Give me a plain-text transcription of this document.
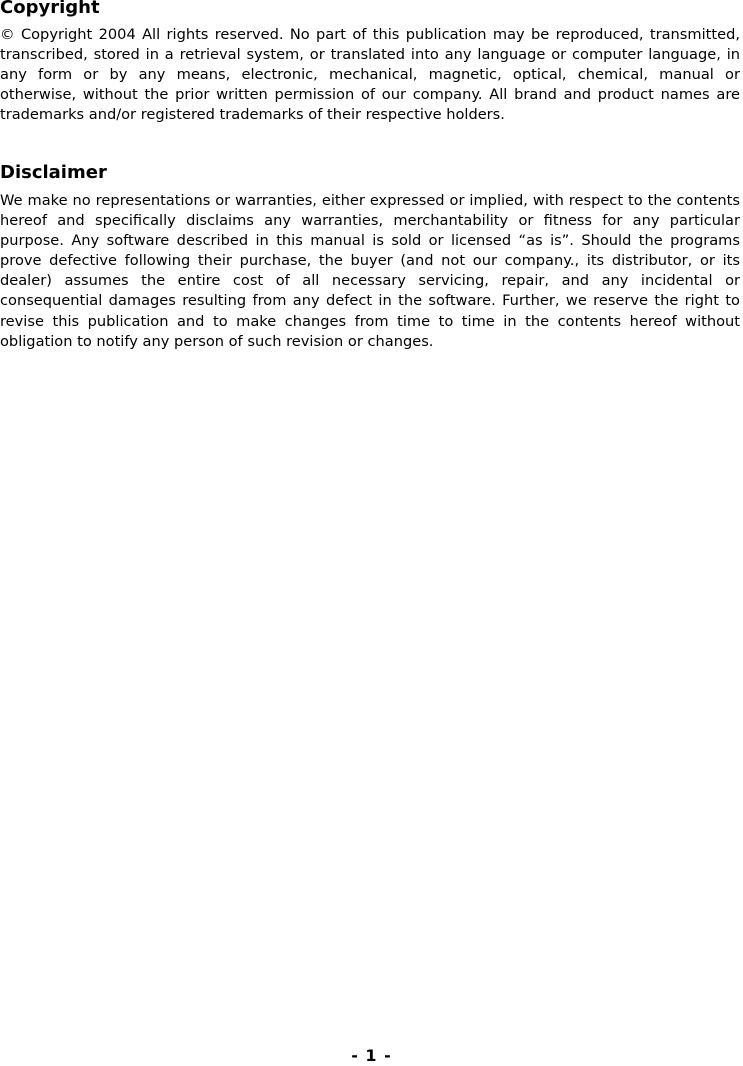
Copyright

© Copyright 2004 All rights reserved. No part of this publication may be reproduced, transmitted, transcribed, stored in a retrieval system, or translated into any language or computer language, in any form or by any means, electronic, mechanical, magnetic, optical, chemical, manual or otherwise, without the prior written permission of our company. All brand and product names are trademarks and/or registered trademarks of their respective holders.

Disclaimer

We make no representations or warranties, either expressed or implied, with respect to the contents hereof and specifically disclaims any warranties, merchantability or fitness for any particular purpose. Any software described in this manual is sold or licensed “as is”. Should the programs prove defective following their purchase, the buyer (and not our company., its distributor, or its dealer) assumes the entire cost of all necessary servicing, repair, and any incidental or consequential damages resulting from any defect in the software. Further, we reserve the right to revise this publication and to make changes from time to time in the contents hereof without obligation to notify any person of such revision or changes.

- 1 -
